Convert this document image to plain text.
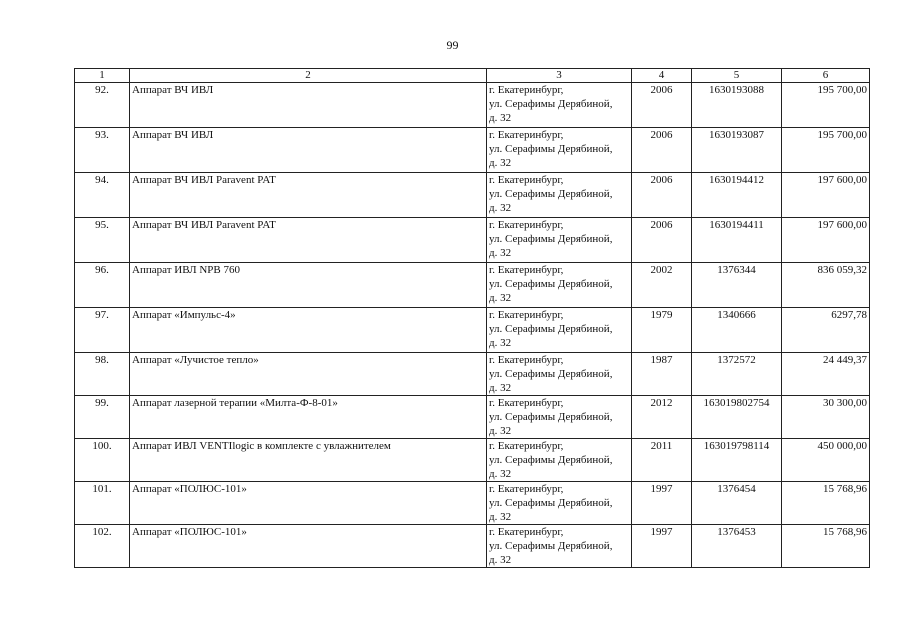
99
1	2	3	4	5	6
92.	Аппарат ВЧ ИВЛ	г. Екатеринбург,
ул. Серафимы Дерябиной,
д. 32	2006	1630193088	195 700,00
93.	Аппарат ВЧ ИВЛ	г. Екатеринбург,
ул. Серафимы Дерябиной,
д. 32	2006	1630193087	195 700,00
94.	Аппарат ВЧ ИВЛ Paravent PAT	г. Екатеринбург,
ул. Серафимы Дерябиной,
д. 32	2006	1630194412	197 600,00
95.	Аппарат ВЧ ИВЛ Paravent PAT	г. Екатеринбург,
ул. Серафимы Дерябиной,
д. 32	2006	1630194411	197 600,00
96.	Аппарат ИВЛ NPB 760	г. Екатеринбург,
ул. Серафимы Дерябиной,
д. 32	2002	1376344	836 059,32
97.	Аппарат «Импульс-4»	г. Екатеринбург,
ул. Серафимы Дерябиной,
д. 32	1979	1340666	6297,78
98.	Аппарат «Лучистое тепло»	г. Екатеринбург,
ул. Серафимы Дерябиной,
д. 32	1987	1372572	24 449,37
99.	Аппарат лазерной терапии «Милта-Ф-8-01»	г. Екатеринбург,
ул. Серафимы Дерябиной,
д. 32	2012	163019802754	30 300,00
100.	Аппарат ИВЛ VENTIlogic в комплекте с увлажнителем	г. Екатеринбург,
ул. Серафимы Дерябиной,
д. 32	2011	163019798114	450 000,00
101.	Аппарат «ПОЛЮС-101»	г. Екатеринбург,
ул. Серафимы Дерябиной,
д. 32	1997	1376454	15 768,96
102.	Аппарат «ПОЛЮС-101»	г. Екатеринбург,
ул. Серафимы Дерябиной,
д. 32	1997	1376453	15 768,96
